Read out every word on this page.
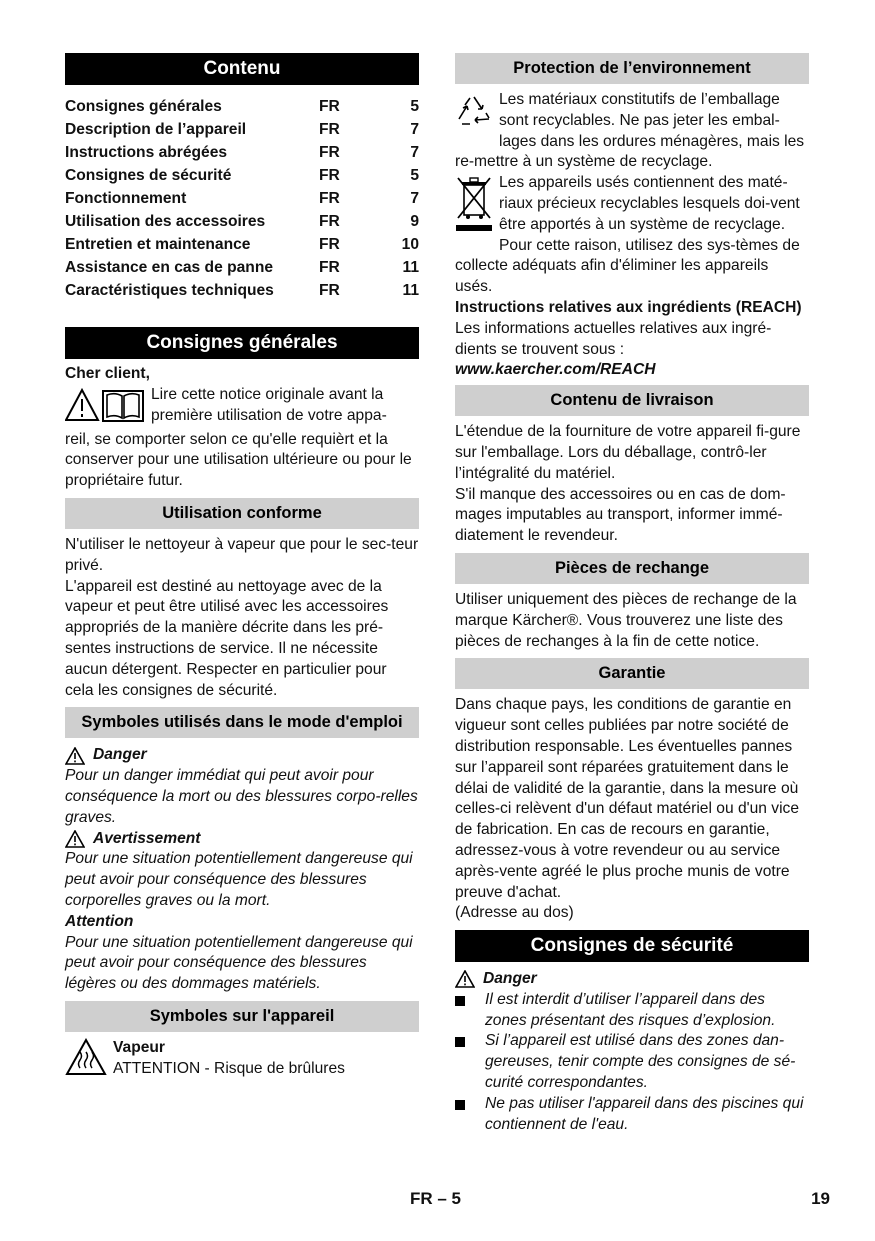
Contenu
Consignes générales	FR	5
Description de l’appareil	FR	7
Instructions abrégées	FR	7
Consignes de sécurité	FR	5
Fonctionnement	FR	7
Utilisation des accessoires	FR	9
Entretien et maintenance	FR	10
Assistance en cas de panne	FR	11
Caractéristiques techniques	FR	11
Consignes générales

Cher client,

Lire cette notice originale avant la première utilisation de votre appa-

reil, se comporter selon ce qu'elle requièrt et la conserver pour une utilisation ultérieure ou pour le propriétaire futur.

Utilisation conforme

N'utiliser le nettoyeur à vapeur que pour le sec-teur privé.

L'appareil est destiné au nettoyage avec de la vapeur et peut être utilisé avec les accessoires appropriés de la manière décrite dans les pré-sentes instructions de service. Il ne nécessite aucun détergent. Respecter en particulier pour cela les consignes de sécurité.

Symboles utilisés dans le mode d'emploi
Danger

Pour un danger immédiat qui peut avoir pour conséquence la mort ou des blessures corpo-relles graves.

Avertissement

Pour une situation potentiellement dangereuse qui peut avoir pour conséquence des blessures corporelles graves ou la mort.

Attention

Pour une situation potentiellement dangereuse qui peut avoir pour conséquence des blessures légères ou des dommages matériels.

Symboles sur l'appareil

Vapeur

ATTENTION - Risque de brûlures

Protection de l’environnement

Les matériaux constitutifs de l’emballage sont recyclables. Ne pas jeter les embal-lages dans les ordures ménagères, mais les re-mettre à un système de recyclage.

Les appareils usés contiennent des maté-riaux précieux recyclables lesquels doi-vent être apportés à un système de recyclage. Pour cette raison, utilisez des sys-tèmes de collecte adéquats afin d'éliminer les appareils usés.

Instructions relatives aux ingrédients (REACH)

Les informations actuelles relatives aux ingré-dients se trouvent sous :

www.kaercher.com/REACH

Contenu de livraison

L'étendue de la fourniture de votre appareil fi-gure sur l'emballage. Lors du déballage, contrô-ler l’intégralité du matériel.

S'il manque des accessoires ou en cas de dom-mages imputables au transport, informer immé-diatement le revendeur.

Pièces de rechange

Utiliser uniquement des pièces de rechange de la marque Kärcher®. Vous trouverez une liste des pièces de rechanges à la fin de cette notice.

Garantie

Dans chaque pays, les conditions de garantie en vigueur sont celles publiées par notre société de distribution responsable. Les éventuelles pannes sur l’appareil sont réparées gratuitement dans le délai de validité de la garantie, dans la mesure où celles-ci relèvent d'un défaut matériel ou d'un vice de fabrication. En cas de recours en garantie, adressez-vous à votre revendeur ou au service après-vente agréé le plus proche munis de votre preuve d'achat.

(Adresse au dos)

Consignes de sécurité
Danger

Il est interdit d’utiliser l’appareil dans des zones présentant des risques d’explosion.

Si l’appareil est utilisé dans des zones dan-gereuses, tenir compte des consignes de sé-curité correspondantes.

Ne pas utiliser l'appareil dans des piscines qui contiennent de l'eau.

FR – 5	19
